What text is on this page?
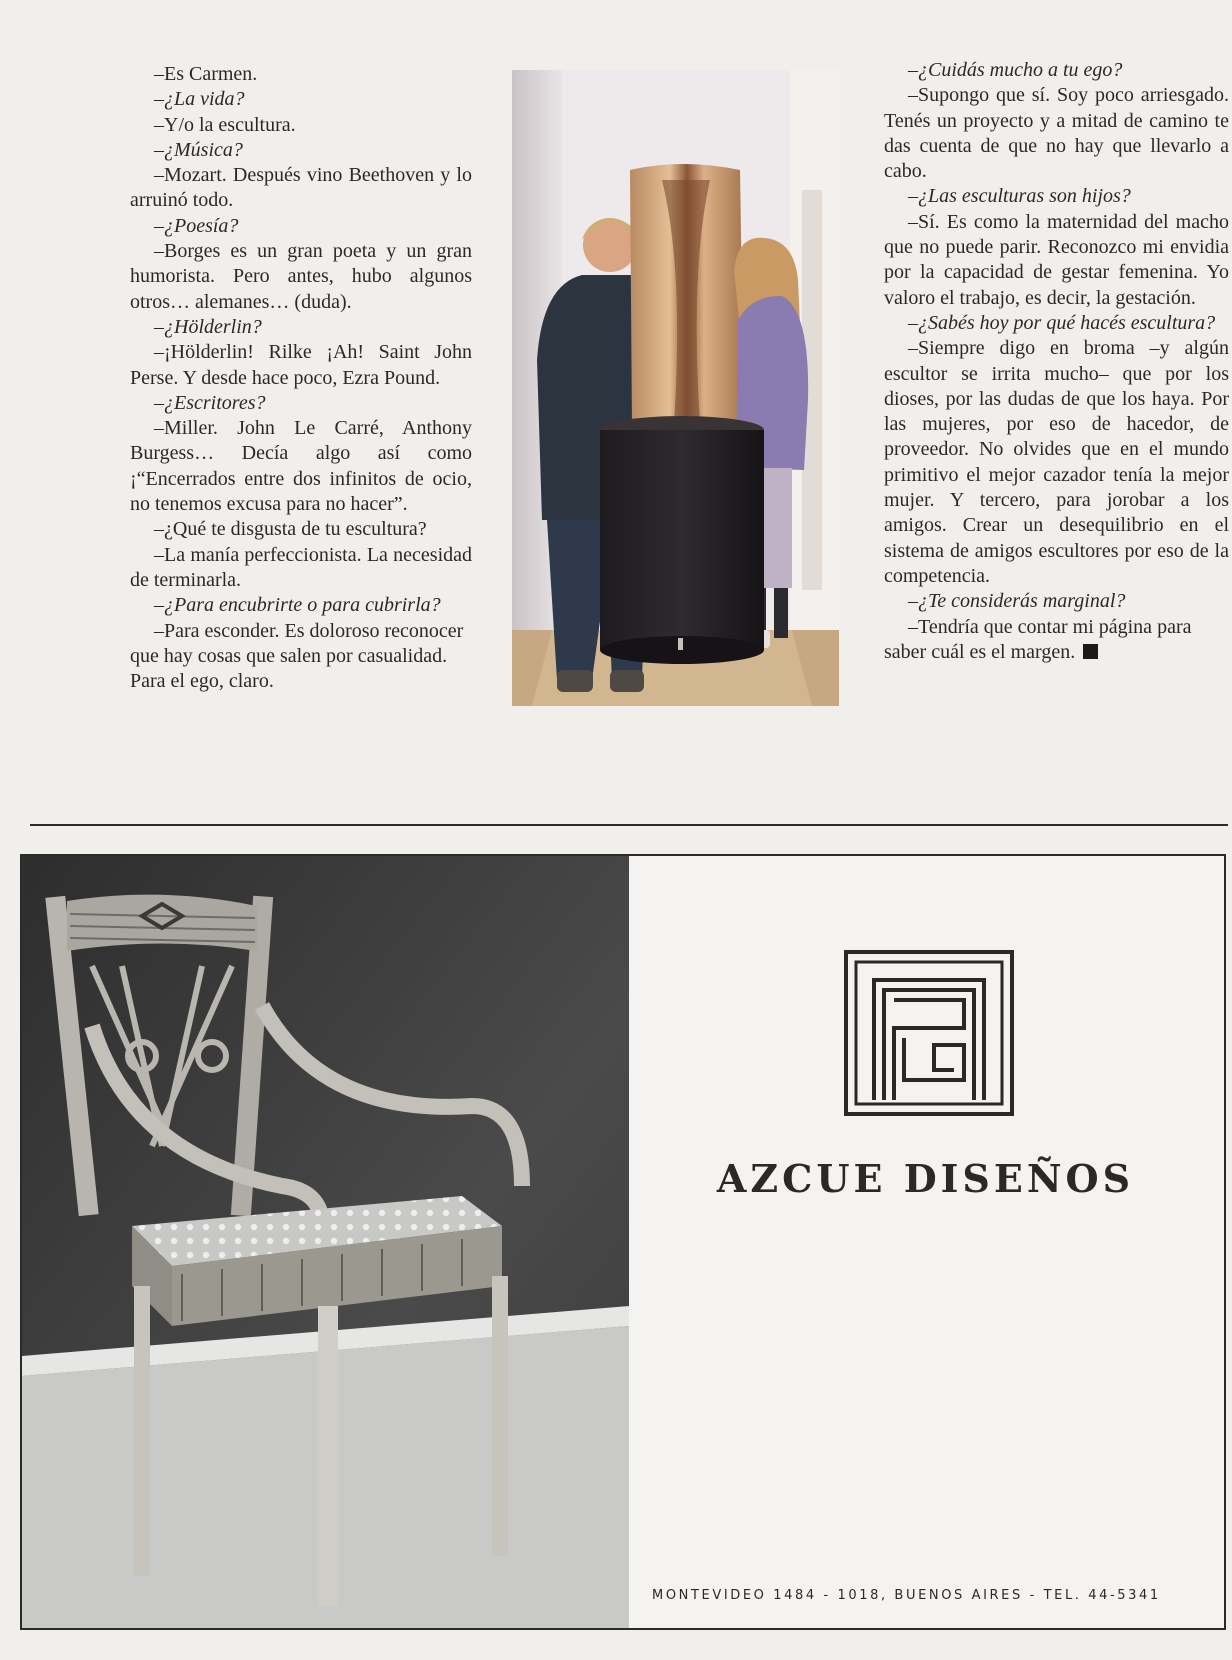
–Es Carmen.

–¿La vida?

–Y/o la escultura.

–¿Música?

–Mozart. Después vino Beethoven y lo arruinó todo.

–¿Poesía?

–Borges es un gran poeta y un gran humorista. Pero antes, hubo algunos otros… alemanes… (duda).

–¿Hölderlin?

–¡Hölderlin! Rilke ¡Ah! Saint John Perse. Y desde hace poco, Ezra Pound.

–¿Escritores?

–Miller. John Le Carré, Anthony Burgess… Decía algo así como ¡“Encerrados entre dos infinitos de ocio, no tenemos excusa para no hacer”.

–¿Qué te disgusta de tu escultura?

–La manía perfeccionista. La necesidad de terminarla.

–¿Para encubrirte o para cubrirla?

–Para esconder. Es doloroso reconocer que hay cosas que salen por casualidad. Para el ego, claro.

–¿Cuidás mucho a tu ego?

–Supongo que sí. Soy poco arriesgado. Tenés un proyecto y a mitad de camino te das cuenta de que no hay que llevarlo a cabo.

–¿Las esculturas son hijos?

–Sí. Es como la maternidad del macho que no puede parir. Reconozco mi envidia por la capacidad de gestar femenina. Yo valoro el trabajo, es decir, la gestación.

–¿Sabés hoy por qué hacés escultura?

–Siempre digo en broma –y algún escultor se irrita mucho– que por los dioses, por las dudas de que los haya. Por las mujeres, por eso de hacedor, de proveedor. No olvides que en el mundo primitivo el mejor cazador tenía la mejor mujer. Y tercero, para jorobar a los amigos. Crear un desequilibrio en el sistema de amigos escultores por eso de la competencia.

–¿Te considerás marginal?

–Tendría que contar mi página para saber cuál es el margen.

AZCUE DISEÑOS
MONTEVIDEO 1484 - 1018, BUENOS AIRES - TEL. 44-5341
